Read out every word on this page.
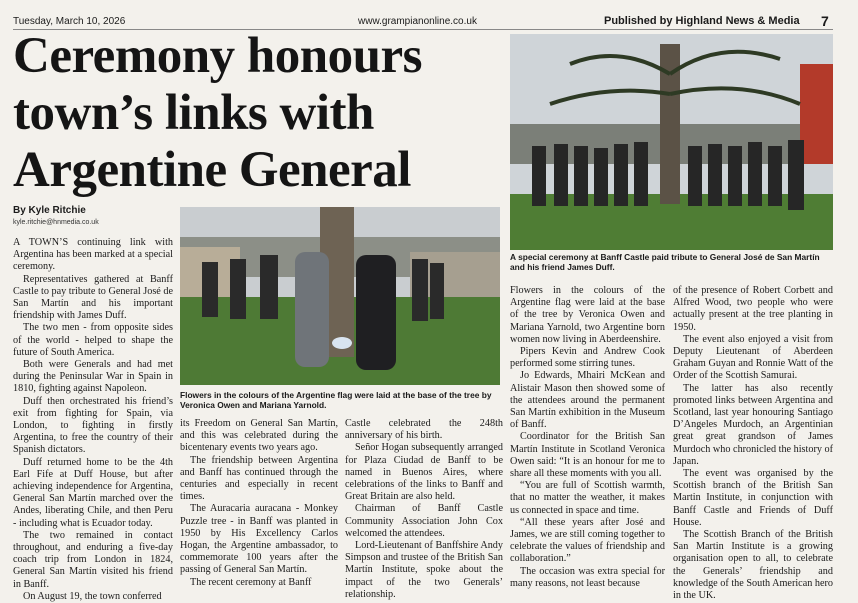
Tuesday, March 10, 2026	www.grampianonline.co.uk	Published by Highland News & Media 7
Ceremony honours town’s links with Argentine General
By Kyle Ritchie
kyle.ritchie@hnmedia.co.uk

A TOWN’S continuing link with Argentina has been marked at a special ceremony.

Representatives gathered at Banff Castle to pay tribute to General José de San Martín and his important friendship with James Duff.

The two men - from opposite sides of the world - helped to shape the future of South America.

Both were Generals and had met during the Peninsular War in Spain in 1810, fighting against Napoleon.

Duff then orchestrated his friend’s exit from fighting for Spain, via London, to fighting in firstly Argentina, to free the country of their Spanish dictators.

Duff returned home to be the 4th Earl Fife at Duff House, but after achieving independence for Argentina, General San Martín marched over the Andes, liberating Chile, and then Peru - including what is Ecuador today.

The two remained in contact throughout, and enduring a five-day coach trip from London in 1824, General San Martín visited his friend in Banff.

On August 19, the town conferred

Flowers in the colours of the Argentine flag were laid at the base of the tree by Veronica Owen and Mariana Yarnold.

its Freedom on General San Martín, and this was celebrated during the bicentenary events two years ago.

The friendship between Argentina and Banff has continued through the centuries and especially in recent times.

The Auracaria auracana - Monkey Puzzle tree - in Banff was planted in 1950 by His Excellency Carlos Hogan, the Argentine ambassador, to commemorate 100 years after the passing of General San Martín.

The recent ceremony at Banff

Castle celebrated the 248th anniversary of his birth.

Señor Hogan subsequently arranged for Plaza Ciudad de Banff to be named in Buenos Aires, where celebrations of the links to Banff and Great Britain are also held.

Chairman of Banff Castle Community Association John Cox welcomed the attendees.

Lord-Lieutenant of Banffshire Andy Simpson and trustee of the British San Martín Institute, spoke about the impact of the two Generals’ relationship.

A special ceremony at Banff Castle paid tribute to General José de San Martín and his friend James Duff.

Flowers in the colours of the Argentine flag were laid at the base of the tree by Veronica Owen and Mariana Yarnold, two Argentine born women now living in Aberdeenshire.

Pipers Kevin and Andrew Cook performed some stirring tunes.

Jo Edwards, Mhairi McKean and Alistair Mason then showed some of the attendees around the permanent San Martín exhibition in the Museum of Banff.

Coordinator for the British San Martín Institute in Scotland Veronica Owen said: “It is an honour for me to share all these moments with you all.

“You are full of Scottish warmth, that no matter the weather, it makes us connected in space and time.

“All these years after José and James, we are still coming together to celebrate the values of friendship and collaboration.”

The occasion was extra special for many reasons, not least because

of the presence of Robert Corbett and Alfred Wood, two people who were actually present at the tree planting in 1950.

The event also enjoyed a visit from Deputy Lieutenant of Aberdeen Graham Guyan and Ronnie Watt of the Order of the Scottish Samurai.

The latter has also recently promoted links between Argentina and Scotland, last year honouring Santiago D’Angeles Murdoch, an Argentinian great great grandson of James Murdoch who chronicled the history of Japan.

The event was organised by the Scottish branch of the British San Martin Institute, in conjunction with Banff Castle and Friends of Duff House.

The Scottish Branch of the British San Martin Institute is a growing organisation open to all, to celebrate the Generals’ friendship and knowledge of the South American hero in the UK.
